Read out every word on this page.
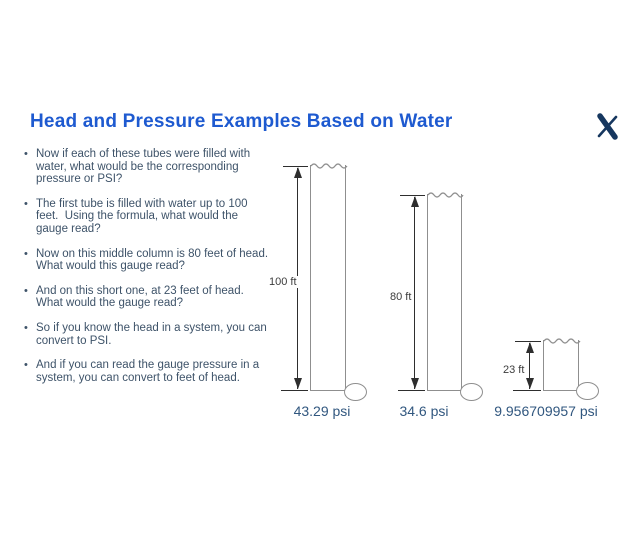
Head and Pressure Examples Based on Water
• Now if each of these tubes were filled with water, what would be the corresponding pressure or PSI?
• The first tube is filled with water up to 100 feet.  Using the formula, what would the gauge read?
• Now on this middle column is 80 feet of head.  What would this gauge read?
• And on this short one, at 23 feet of head. What would the gauge read?
• So if you know the head in a system, you can convert to PSI.
• And if you can read the gauge pressure in a system, you can convert to feet of head.
100 ft
43.29 psi
80 ft
34.6 psi
23 ft
9.956709957 psi
